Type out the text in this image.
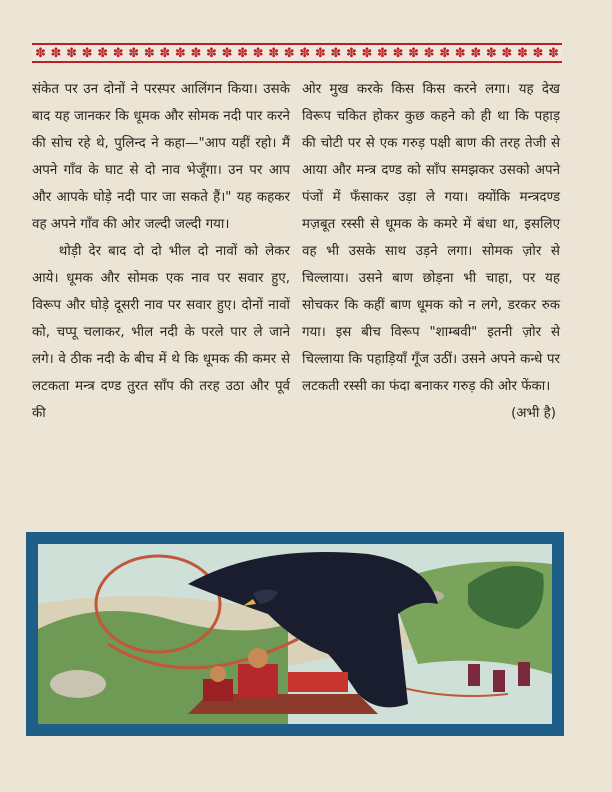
✽ ✽ ✽ ✽ ✽ ✽ ✽ ✽ ✽ ✽ ✽ ✽ ✽ ✽ ✽ ✽ ✽ ✽ ✽ ✽ ✽ ✽ ✽ ✽ ✽ ✽ ✽ ✽ ✽ ✽ ✽ ✽ ✽ ✽

संकेत पर उन दोनों ने परस्पर आलिंगन किया। उसके बाद यह जानकर कि धूमक और सोमक नदी पार करने की सोच रहे थे, पुलिन्द ने कहा—"आप यहीं रहो। मैं अपने गाँव के घाट से दो नाव भेजूँगा। उन पर आप और आपके घोड़े नदी पार जा सकते हैं।" यह कहकर वह अपने गाँव की ओर जल्दी जल्दी गया।

थोड़ी देर बाद दो दो भील दो नावों को लेकर आये। धूमक और सोमक एक नाव पर सवार हुए, विरूप और घोड़े दूसरी नाव पर सवार हुए। दोनों नावों को, चप्पू चलाकर, भील नदी के परले पार ले जाने लगे। वे ठीक नदी के बीच में थे कि धूमक की कमर से लटकता मन्त्र दण्ड तुरत साँप की तरह उठा और पूर्व की

ओर मुख करके किस किस करने लगा। यह देख विरूप चकित होकर कुछ कहने को ही था कि पहाड़ की चोटी पर से एक गरुड़ पक्षी बाण की तरह तेजी से आया और मन्त्र दण्ड को साँप समझकर उसको अपने पंजों में फँसाकर उड़ा ले गया। क्योंकि मन्त्रदण्ड मज़बूत रस्सी से धूमक के कमरे में बंधा था, इसलिए वह भी उसके साथ उड़ने लगा। सोमक ज़ोर से चिल्लाया। उसने बाण छोड़ना भी चाहा, पर यह सोचकर कि कहीं बाण धूमक को न लगे, डरकर रुक गया। इस बीच विरूप "शाम्बवी" इतनी ज़ोर से चिल्लाया कि पहाड़ियाँ गूँज उठीं। उसने अपने कन्धे पर लटकती रस्सी का फंदा बनाकर गरुड़ की ओर फेंका।

(अभी है)
